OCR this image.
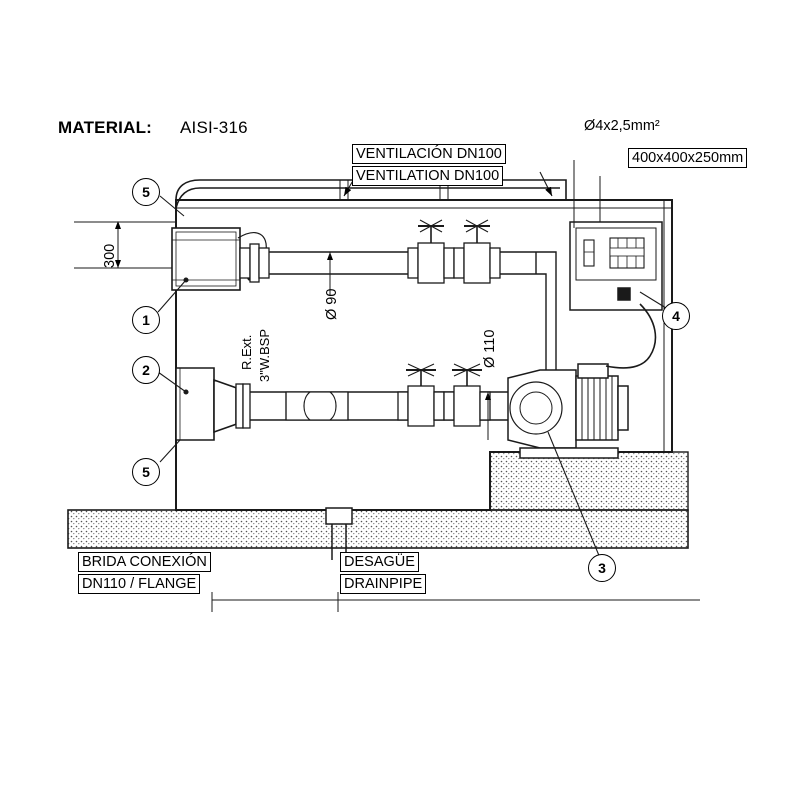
MATERIAL: AISI-316
VENTILACIÓN DN100
VENTILATION DN100
Ø4x2,5mm²
400x400x250mm
300
R.Ext. 3"W.BSP
Ø 90
Ø 110
BRIDA CONEXIÓN
DN110 / FLANGE
DESAGÜE
DRAINPIPE
5
1
2
5
3
4
